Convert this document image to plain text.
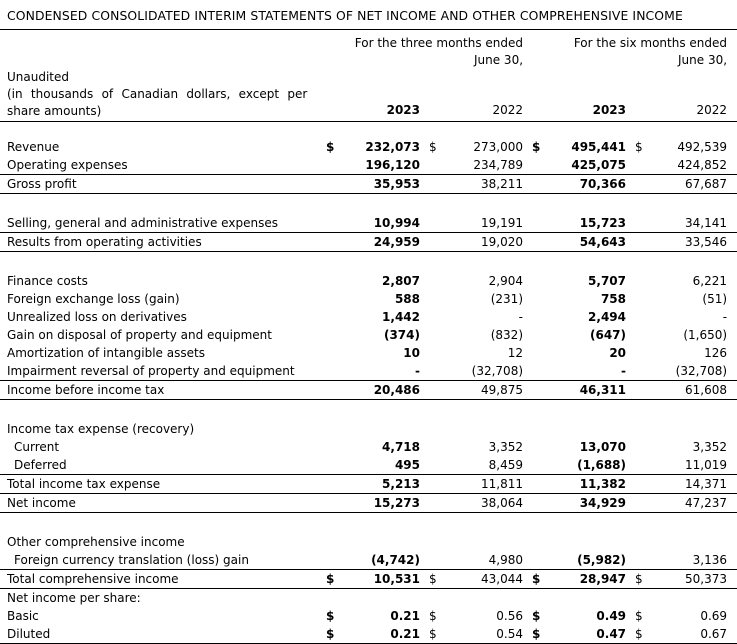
CONDENSED CONSOLIDATED INTERIM STATEMENTS OF NET INCOME AND OTHER COMPREHENSIVE INCOME
Unaudited
(in thousands of Canadian dollars, except per
share amounts)

For the three months ended
June 30,

For the six months ended
June 30,

		2023		2022		2023		2022

Revenue	$	232,073	$	273,000	$	495,441	$	492,539
Operating expenses		196,120		234,789		425,075		424,852
Gross profit		35,953		38,211		70,366		67,687

Selling, general and administrative expenses		10,994		19,191		15,723		34,141
Results from operating activities		24,959		19,020		54,643		33,546

Finance costs		2,807		2,904		5,707		6,221
Foreign exchange loss (gain)		588		(231)		758		(51)
Unrealized loss on derivatives		1,442		-		2,494		-
Gain on disposal of property and equipment		(374)		(832)		(647)		(1,650)
Amortization of intangible assets		10		12		20		126
Impairment reversal of property and equipment		-		(32,708)		-		(32,708)
Income before income tax		20,486		49,875		46,311		61,608

Income tax expense (recovery)								
Current		4,718		3,352		13,070		3,352
Deferred		495		8,459		(1,688)		11,019
Total income tax expense		5,213		11,811		11,382		14,371
Net income		15,273		38,064		34,929		47,237

Other comprehensive income								
Foreign currency translation (loss) gain		(4,742)		4,980		(5,982)		3,136
Total comprehensive income	$	10,531	$	43,044	$	28,947	$	50,373
Net income per share:								
Basic	$	0.21	$	0.56	$	0.49	$	0.69
Diluted	$	0.21	$	0.54	$	0.47	$	0.67
